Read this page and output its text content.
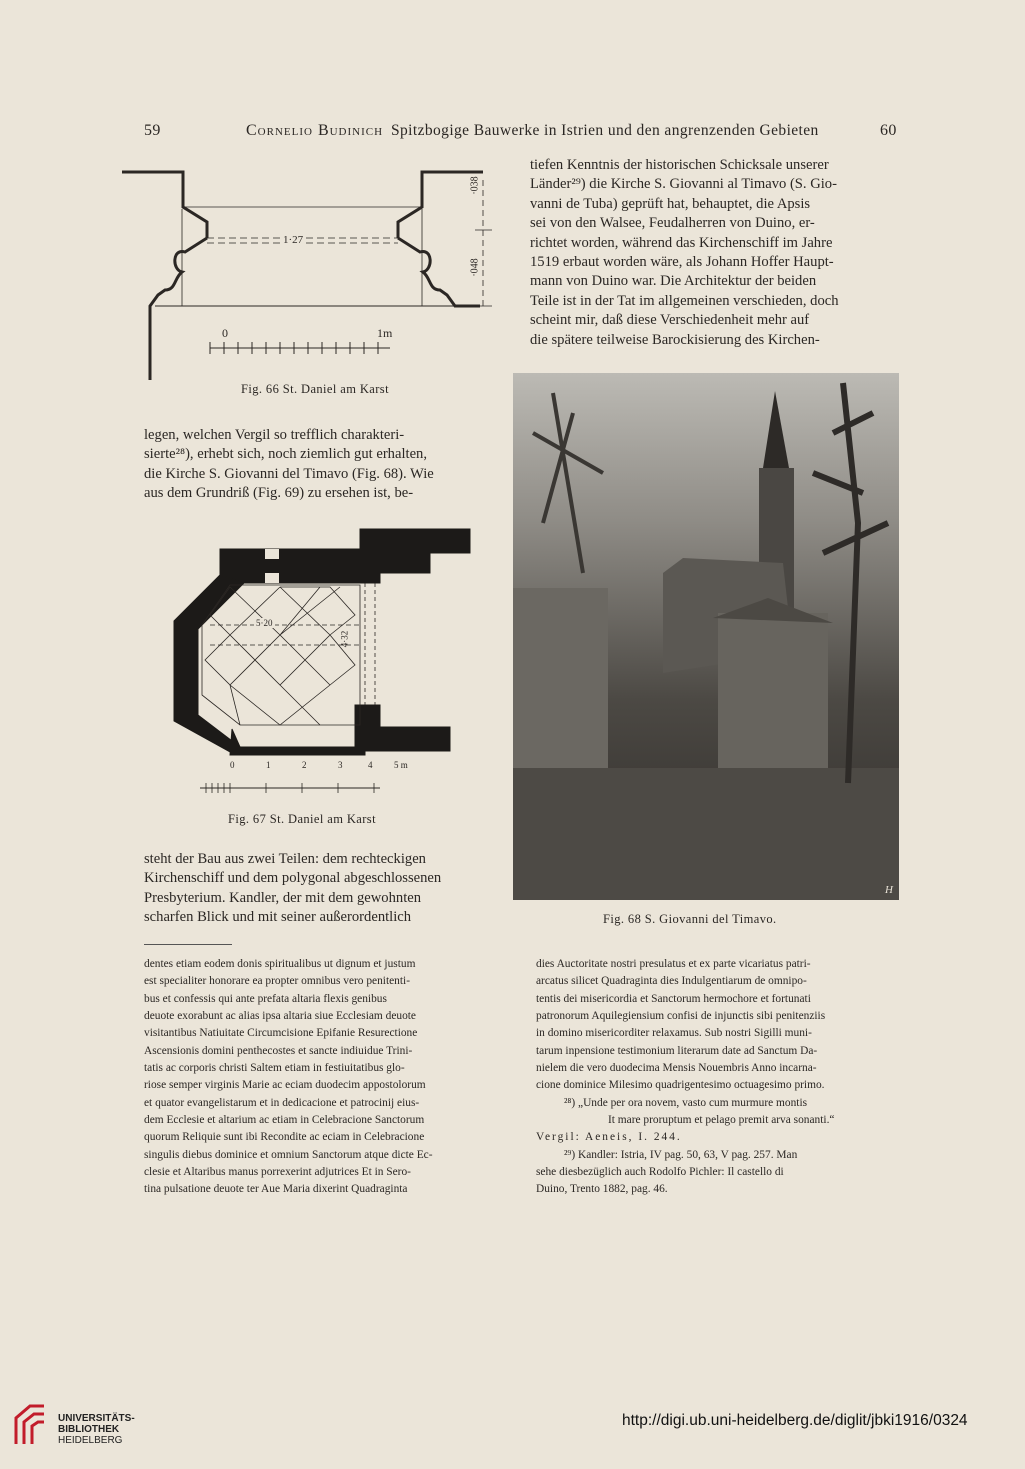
59	Cornelio Budinich Spitzbogige Bauwerke in Istrien und den angrenzenden Gebieten	60
1·27
·038
·048
0	1m
Fig. 66 St. Daniel am Karst
tiefen Kenntnis der historischen Schicksale unserer
Länder²⁹) die Kirche S. Giovanni al Timavo (S. Gio-
vanni de Tuba) geprüft hat, behauptet, die Apsis
sei von den Walsee, Feudalherren von Duino, er-
richtet worden, während das Kirchenschiff im Jahre
1519 erbaut worden wäre, als Johann Hoffer Haupt-
mann von Duino war. Die Architektur der beiden
Teile ist in der Tat im allgemeinen verschieden, doch
scheint mir, daß diese Verschiedenheit mehr auf
die spätere teilweise Barockisierung des Kirchen-
legen, welchen Vergil so trefflich charakteri-
sierte²⁸), erhebt sich, noch ziemlich gut erhalten,
die Kirche S. Giovanni del Timavo (Fig. 68). Wie
aus dem Grundriß (Fig. 69) zu ersehen ist, be-
5·20
4·32
0	1	2	3	4 5 m
Fig. 67 St. Daniel am Karst
H
Fig. 68 S. Giovanni del Timavo.
steht der Bau aus zwei Teilen: dem rechteckigen
Kirchenschiff und dem polygonal abgeschlossenen
Presbyterium. Kandler, der mit dem gewohnten
scharfen Blick und mit seiner außerordentlich
dentes etiam eodem donis spiritualibus ut dignum et justum
est specialiter honorare ea propter omnibus vero penitenti-
bus et confessis qui ante prefata altaria flexis genibus
deuote exorabunt ac alias ipsa altaria siue Ecclesiam deuote
visitantibus Natiuitate Circumcisione Epifanie Resurectione
Ascensionis domini penthecostes et sancte indiuidue Trini-
tatis ac corporis christi Saltem etiam in festiuitatibus glo-
riose semper virginis Marie ac eciam duodecim appostolorum
et quator evangelistarum et in dedicacione et patrocinij eius-
dem Ecclesie et altarium ac etiam in Celebracione Sanctorum
quorum Reliquie sunt ibi Recondite ac eciam in Celebracione
singulis diebus dominice et omnium Sanctorum atque dicte Ec-
clesie et Altaribus manus porrexerint adjutrices Et in Sero-
tina pulsatione deuote ter Aue Maria dixerint Quadraginta
dies Auctoritate nostri presulatus et ex parte vicariatus patri-
arcatus silicet Quadraginta dies Indulgentiarum de omnipo-
tentis dei misericordia et Sanctorum hermochore et fortunati
patronorum Aquilegiensium confisi de injunctis sibi penitenziis
in domino misericorditer relaxamus. Sub nostri Sigilli muni-
tarum inpensione testimonium literarum date ad Sanctum Da-
nielem die vero duodecima Mensis Nouembris Anno incarna-
cione dominice Milesimo quadrigentesimo octuagesimo primo.
²⁸) „Unde per ora novem, vasto cum murmure montis
It mare proruptum et pelago premit arva sonanti.“
Vergil: Aeneis, I. 244.
²⁹) Kandler: Istria, IV pag. 50, 63, V pag. 257. Man
sehe diesbezüglich auch Rodolfo Pichler: Il castello di
Duino, Trento 1882, pag. 46.
UNIVERSITÄTS-
BIBLIOTHEK
HEIDELBERG
http://digi.ub.uni-heidelberg.de/diglit/jbki1916/0324
